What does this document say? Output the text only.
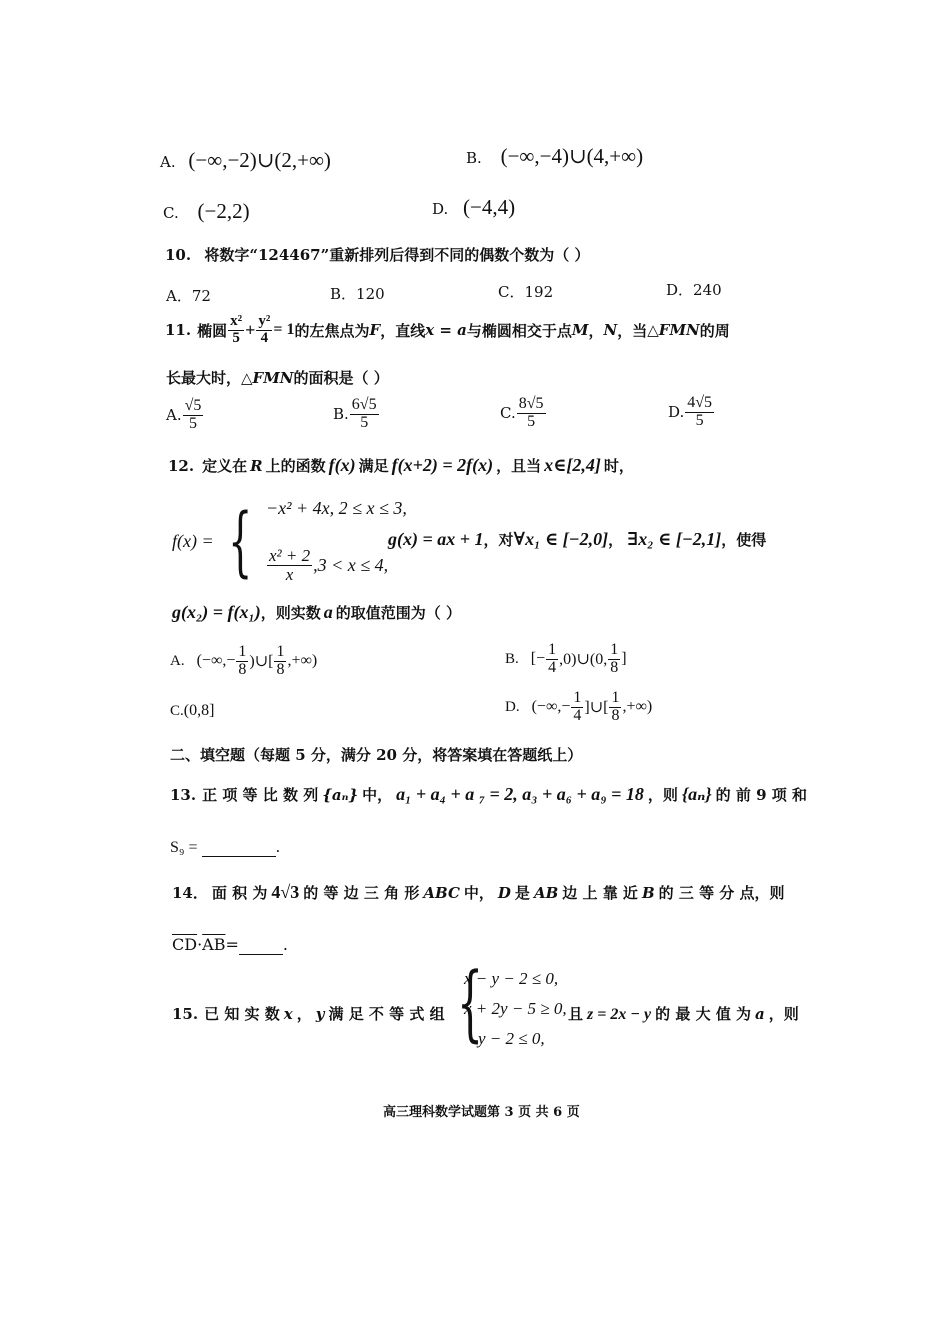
A. (−∞,−2)∪(2,+∞)	B. (−∞,−4)∪(4,+∞)
C. (−2,2)	D. (−4,4)
10. 将数字“124467”重新排列后得到不同的偶数个数为（ ）
A．72	B．120	C．192	D．240
11. 椭圆 $\frac{\text{x²}}{5} + \frac{\text{y²}}{4} = 1$ 的左焦点为 F ，直线 x = a 与椭圆相交于点 M ， N ，当 △FMN 的周
长最大时，△FMN的面积是（ ）
A. $\frac{√5}{5}$	B. $\frac{6√5}{5}$	C. $\frac{8√5}{5}$	D. $\frac{4√5}{5}$
12. 定义在 R 上的函数 f(x) 满足 f(x+2) = 2f(x) ，且当 x∈[2,4] 时，
f(x) = { −x² + 4x, 2 ≤ x ≤ 3,
$\frac{\text{x² + 2}}{x} ,3 < x \le 4$,
g(x) = ax + 1 ，对 ∀x₁ ∈ [−2,0] ， ∃x₂ ∈ [−2,1] ，使得
g(x₂) = f(x₁) ，则实数 a 的取值范围为（ ）
A. (−∞,− $\frac{1}{8}$ )∪[ $\frac{1}{8}$ ,+∞)	B. [− $\frac{1}{4}$ ,0)∪(0, $\frac{1}{8}$ ]
C.(0,8]	D. (−∞,− $\frac{1}{4}$ ]∪[ $\frac{1}{8}$ ,+∞)
二、填空题（每题 5 分，满分 20 分，将答案填在答题纸上）
13. 正 项 等 比 数 列 {aₙ} 中， a₁ + a₄ + a ₇ = 2, a₃ + a₆ + a₉ = 18 ，则 {aₙ} 的 前 9 项 和
S₉ =
	.
14． 面 积 为 4√3 的 等 边 三 角 形 ABC 中， D 是 AB 边 上 靠 近 B 的 三 等 分 点，则
$\overline{CD} \cdot \overline{AB}$ =
	.
15. 已 知 实 数 x ， y 满 足 不 等 式 组 {
x − y − 2 ≤ 0,
x + 2y − 5 ≥ 0,
y − 2 ≤ 0,
且 z = 2x − y 的 最 大 值 为 a ，则
高三理科数学试题第 3 页 共 6 页
